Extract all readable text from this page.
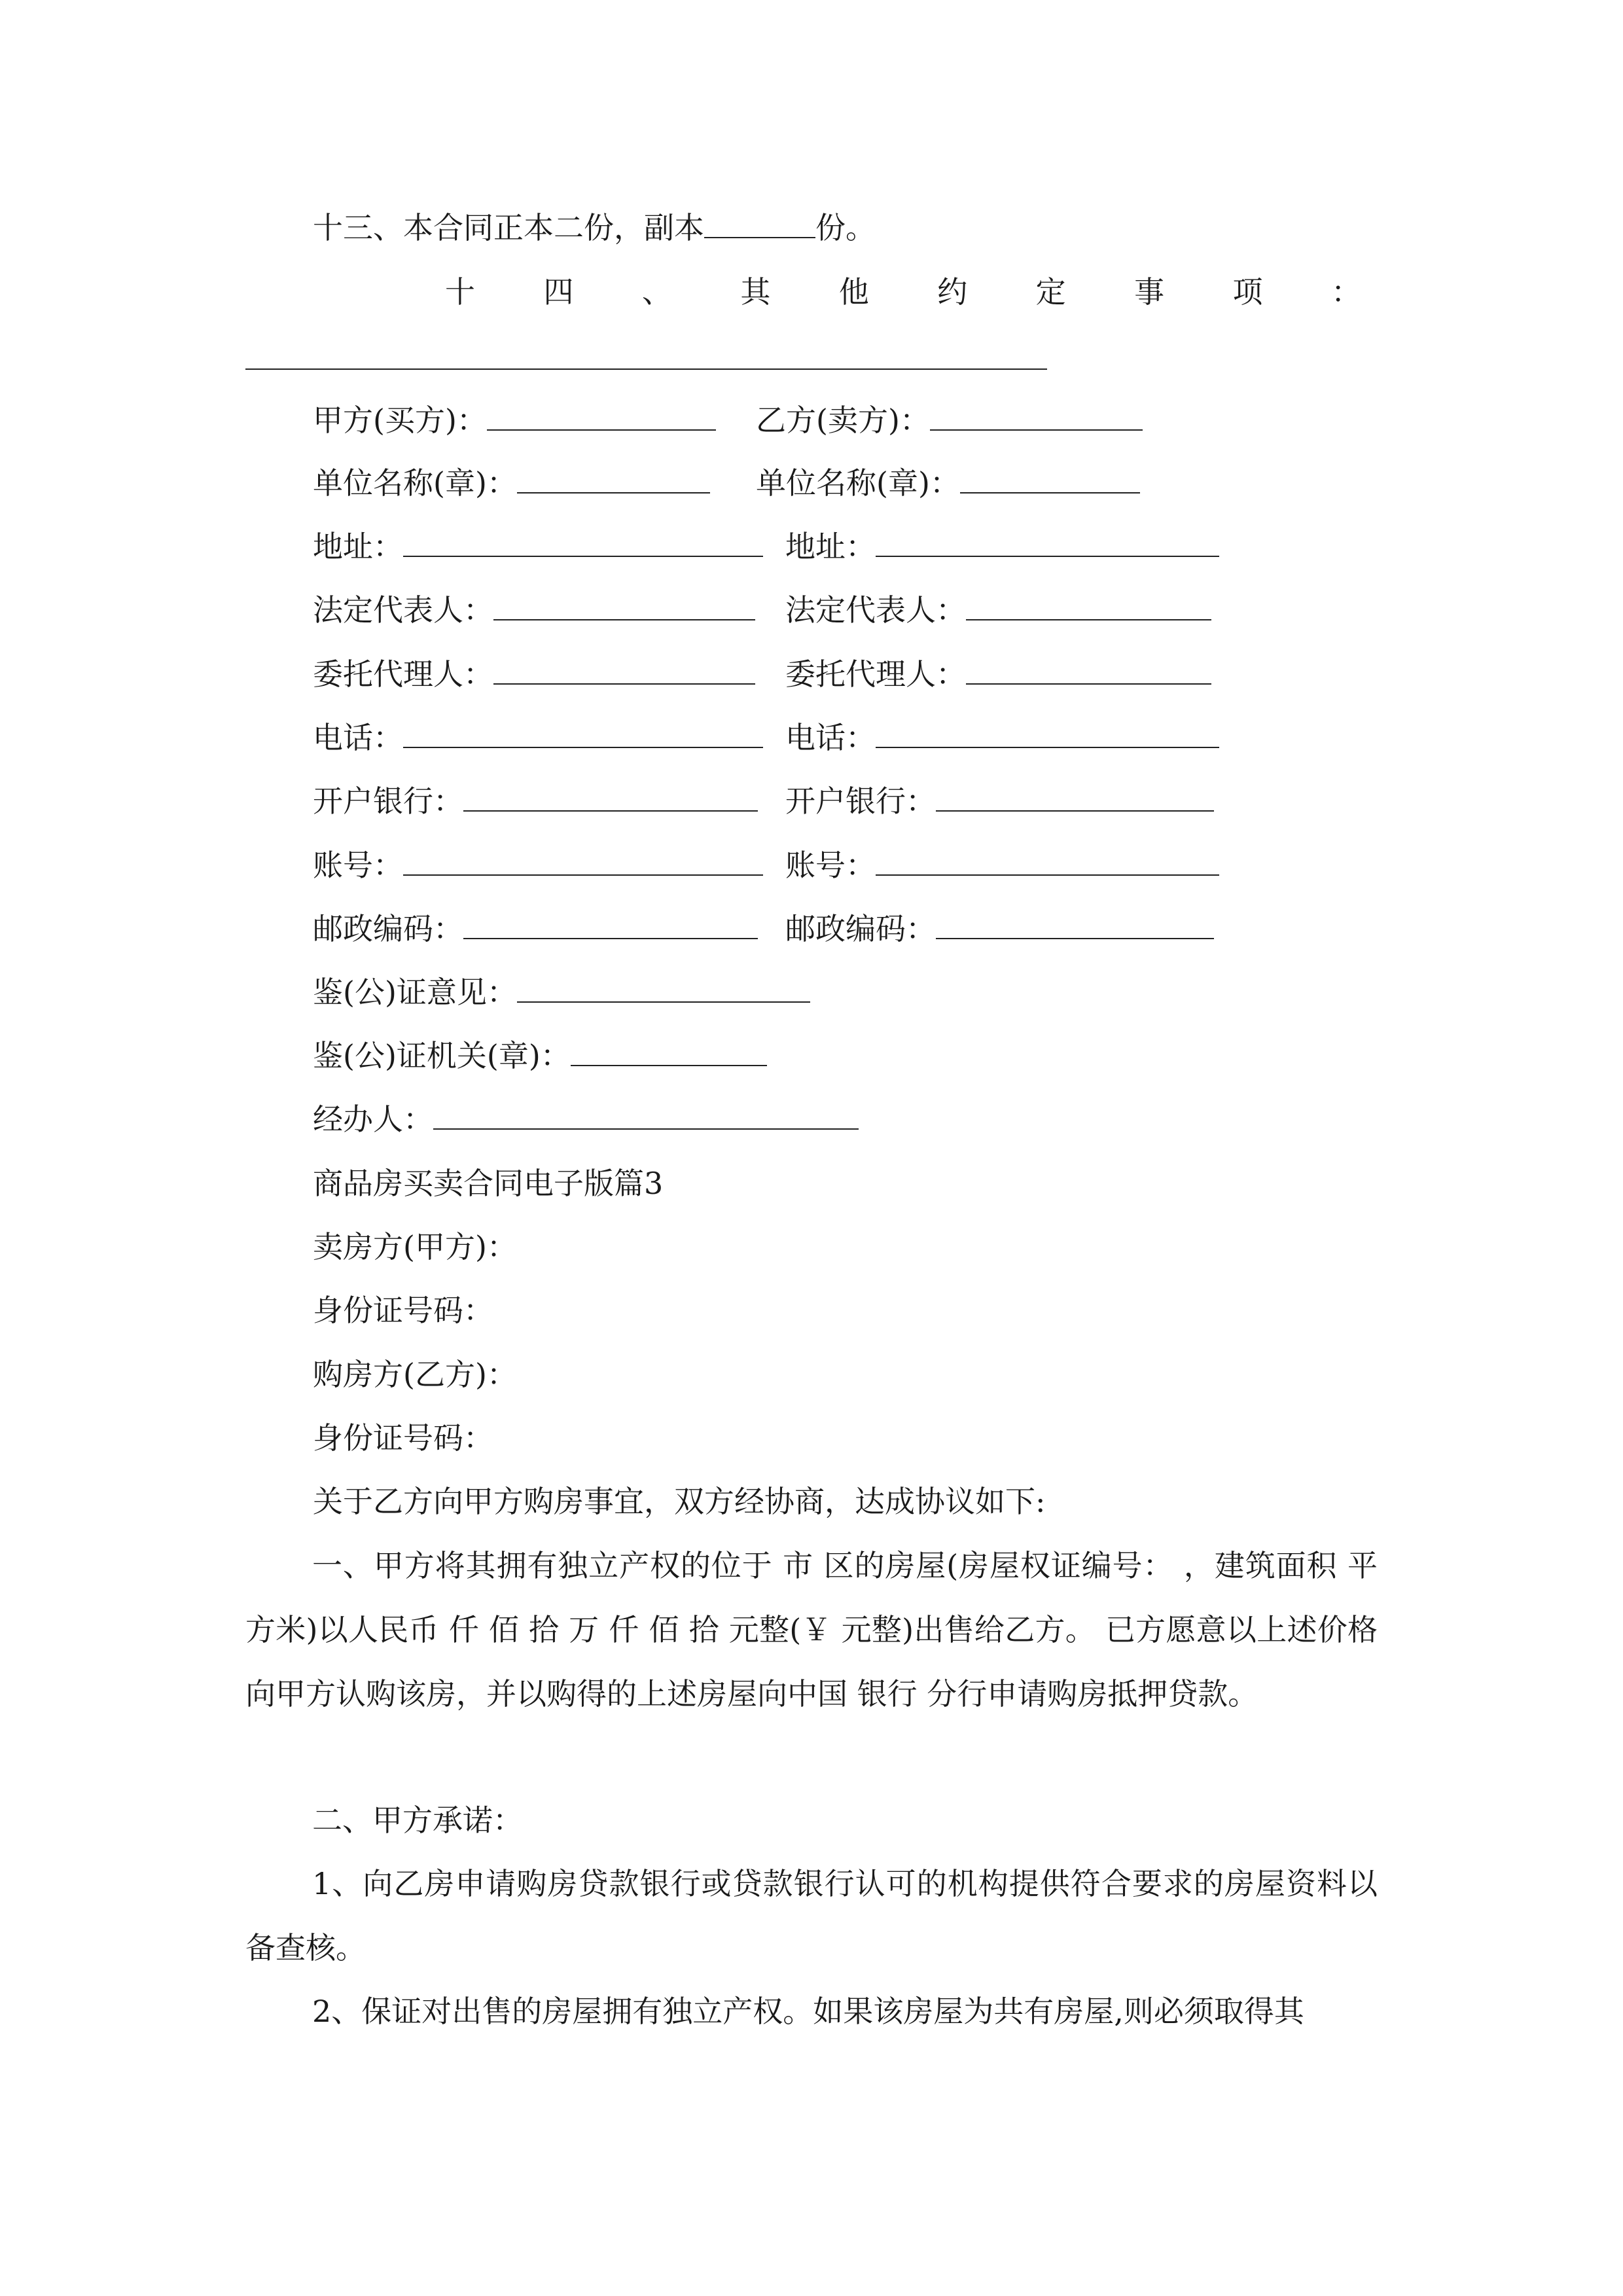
十三、本合同正本二份，副本	份。
十 四 、 其 他 约 定 事 项 ：
甲方(买方)：	乙方(卖方)：
单位名称(章)：	单位名称(章)：
地址：	地址：
法定代表人：	法定代表人：
委托代理人：	委托代理人：
电话：	电话：
开户银行：	开户银行：
账号：	账号：
邮政编码：	邮政编码：
鉴(公)证意见：
鉴(公)证机关(章)：
经办人：
商品房买卖合同电子版篇3
卖房方(甲方)：
身份证号码：
购房方(乙方)：
身份证号码：
关于乙方向甲方购房事宜，双方经协商，达成协议如下:
一、甲方将其拥有独立产权的位于 市 区的房屋(房屋权证编号： ，建筑面积 平方米)以人民币 仟 佰 拾 万 仟 佰 拾 元整(￥ 元整)出售给乙方。 已方愿意以上述价格向甲方认购该房，并以购得的上述房屋向中国 银行 分行申请购房抵押贷款。
二、甲方承诺：
1、向乙房申请购房贷款银行或贷款银行认可的机构提供符合要求的房屋资料以备查核。
2、保证对出售的房屋拥有独立产权。如果该房屋为共有房屋,则必须取得其
